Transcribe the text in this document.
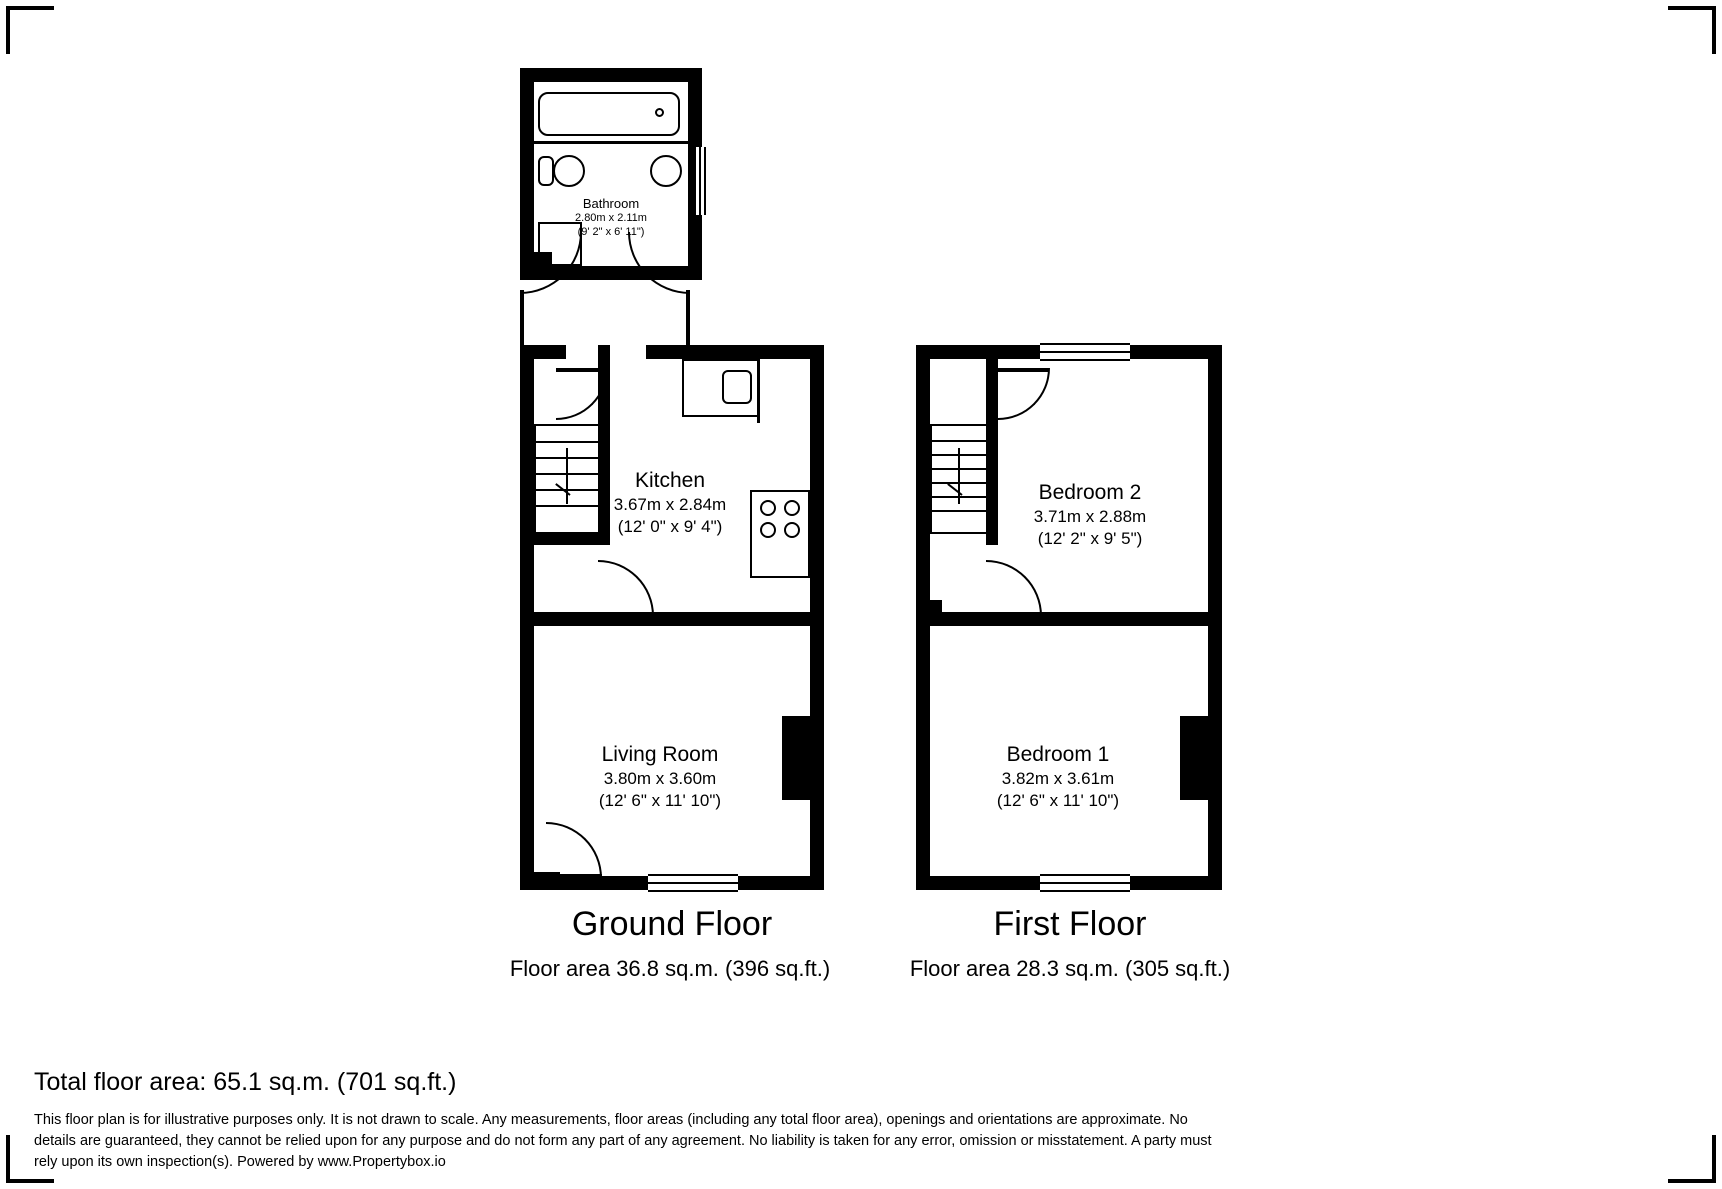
Bathroom
2.80m x 2.11m
(9' 2" x 6' 11")
Kitchen
3.67m x 2.84m
(12' 0" x 9' 4")
Living Room
3.80m x 3.60m
(12' 6" x 11' 10")
Ground Floor
Floor area 36.8 sq.m. (396 sq.ft.)
Bedroom 2
3.71m x 2.88m
(12' 2" x 9' 5")
Bedroom 1
3.82m x 3.61m
(12' 6" x 11' 10")
First Floor
Floor area 28.3 sq.m. (305 sq.ft.)
Total floor area: 65.1 sq.m. (701 sq.ft.)
This floor plan is for illustrative purposes only. It is not drawn to scale. Any measurements, floor areas (including any total floor area), openings and orientations are approximate. No details are guaranteed, they cannot be relied upon for any purpose and do not form any part of any agreement. No liability is taken for any error, omission or misstatement. A party must rely upon its own inspection(s). Powered by www.Propertybox.io
